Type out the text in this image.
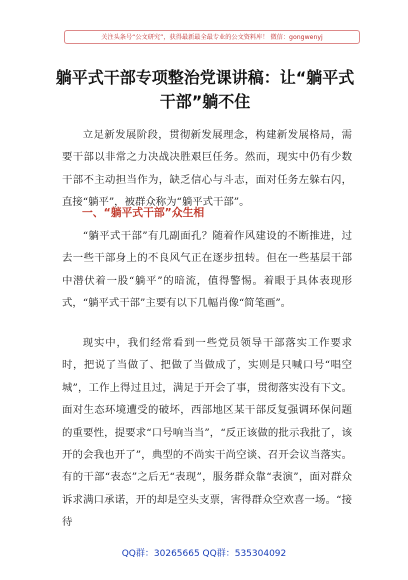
关注头条号“公文研究”，获得最新最全最专业的公文资料库！ 微信：gongwenyj
躺平式干部专项整治党课讲稿：让“躺平式干部”躺不住

立足新发展阶段，贯彻新发展理念，构建新发展格局，需要干部以非常之力决战决胜艰巨任务。然而，现实中仍有少数干部不主动担当作为，缺乏信心与斗志，面对任务左躲右闪，直接“躺平”，被群众称为“躺平式干部”。

一、“躺平式干部”众生相

“躺平式干部”有几副面孔？随着作风建设的不断推进，过去一些干部身上的不良风气正在逐步扭转。但在一些基层干部中潜伏着一股“躺平”的暗流，值得警惕。着眼于具体表现形式，“躺平式干部”主要有以下几幅肖像“简笔画”。

现实中，我们经常看到一些党员领导干部落实工作要求时，把说了当做了、把做了当做成了，实则是只喊口号“唱空城”，工作上得过且过，满足于开会了事，贯彻落实没有下文。面对生态环境遭受的破坏，西部地区某干部反复强调环保问题的重要性，提要求“口号响当当”，“反正该做的批示我批了，该开的会我也开了”，典型的不尚实干尚空谈、召开会议当落实。有的干部“表态”之后无“表现”，服务群众靠“表演”，面对群众诉求满口承诺，开的却是空头支票，害得群众空欢喜一场。“接待

QQ群：30265665 QQ群：535304092
